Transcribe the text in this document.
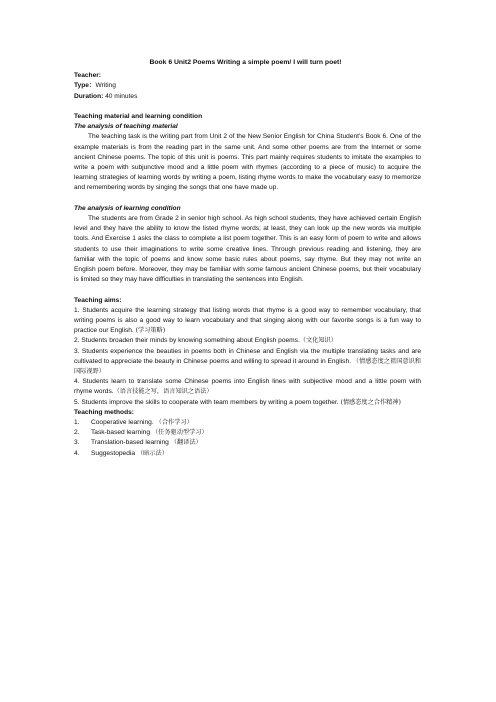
Book 6 Unit2 Poems Writing a simple poem/ I will turn poet!
Teacher:
Type：Writing
Duration: 40 minutes
Teaching material and learning condition
The analysis of teaching material

The teaching task is the writing part from Unit 2 of the New Senior English for China Student's Book 6. One of the example materials is from the reading part in the same unit. And some other poems are from the Internet or some ancient Chinese poems. The topic of this unit is poems. This part mainly requires students to imitate the examples to write a poem with subjunctive mood and a little poem with rhymes (according to a piece of music) to acquire the learning strategies of learning words by writing a poem, listing rhyme words to make the vocabulary easy to memorize and remembering words by singing the songs that one have made up.

The analysis of learning condition

The students are from Grade 2 in senior high school. As high school students, they have achieved certain English level and they have the ability to know the listed rhyme words; at least, they can look up the new words via multiple tools. And Exercise 1 asks the class to complete a list poem together. This is an easy form of poem to write and allows students to use their imaginations to write some creative lines. Through previous reading and listening, they are familiar with the topic of poems and know some basic rules about poems, say rhyme. But they may not write an English poem before. Moreover, they may be familiar with some famous ancient Chinese poems, but their vocabulary is limited so they may have difficulties in translating the sentences into English.

Teaching aims:

1. Students acquire the learning strategy that listing words that rhyme is a good way to remember vocabulary, that writing poems is also a good way to learn vocabulary and that singing along with our favorite songs is a fun way to practice our English. (学习策略)

2. Students broaden their minds by knowing something about English poems.（文化知识）

3. Students experience the beauties in poems both in Chinese and English via the multiple translating tasks and are cultivated to appreciate the beauty in Chinese poems and willing to spread it around in English. （情感态度之祖国意识和国际视野）

4. Students learn to translate some Chinese poems into English lines with subjective mood and a little poem with rhyme words.（语言技能之写，语言知识之语法）

5. Students improve the skills to cooperate with team members by writing a poem together. (情感态度之合作精神)

Teaching methods:
1. Cooperative learning. （合作学习）
2. Task-based learning （任务驱动型学习）
3. Translation-based learning （翻译法）
4. Suggestopedia （暗示法）
